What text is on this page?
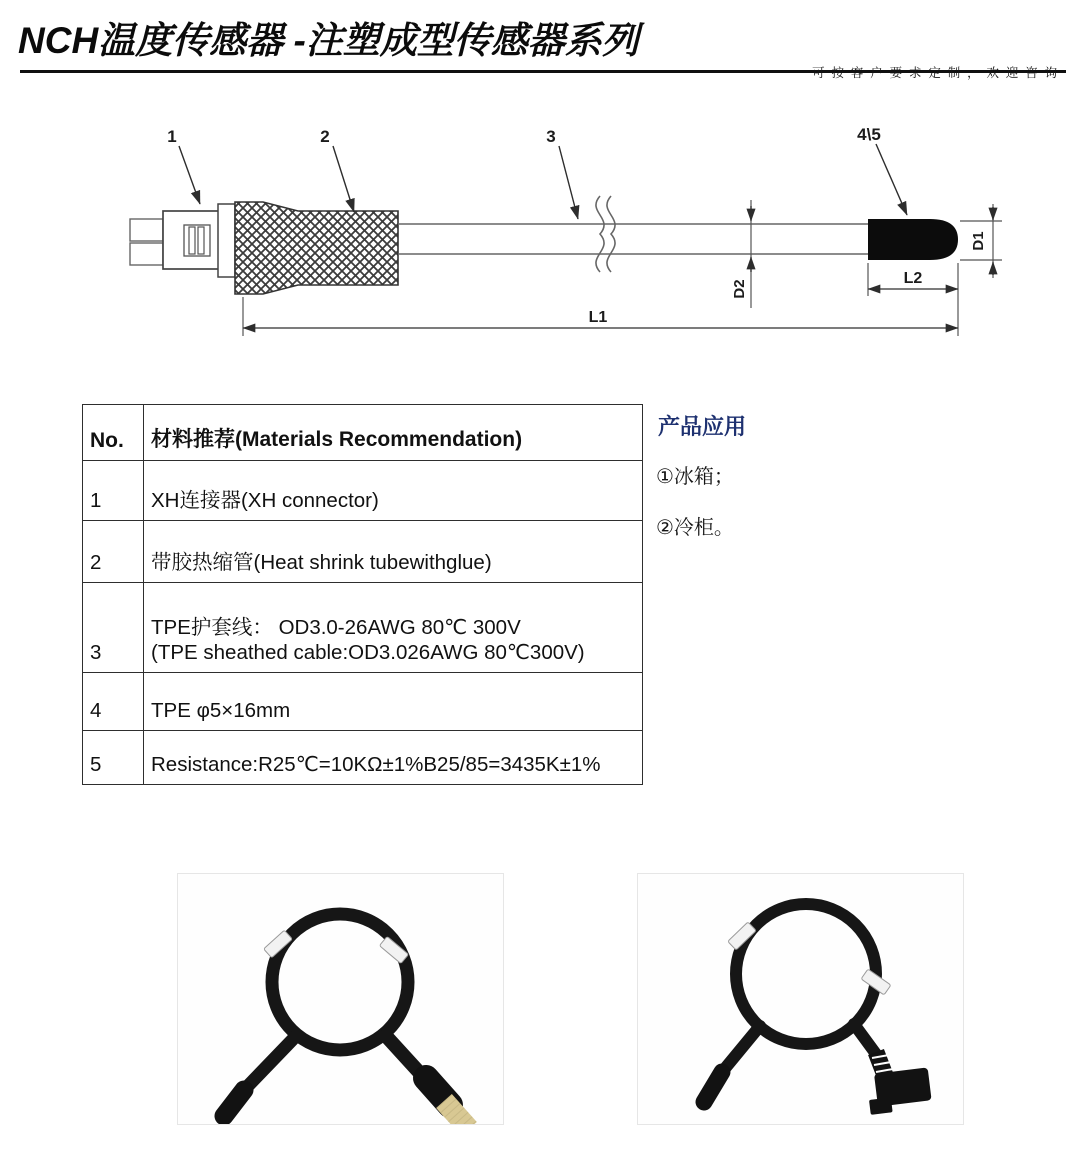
NCH温度传感器 -注塑成型传感器系列
可按客户要求定制，欢迎咨询
1	2	3	4\5
D2
D1
L2
L1
No.	材料推荐(Materials Recommendation)
1	XH连接器(XH connector)
2	带胶热缩管(Heat shrink tubewithglue)
3	TPE护套线： OD3.0-26AWG 80℃ 300V
(TPE sheathed cable:OD3.026AWG 80℃300V)

4	TPE φ5×16mm
5	Resistance:R25℃=10KΩ±1%B25/85=3435K±1%
产品应用
①冰箱；
②冷柜。
